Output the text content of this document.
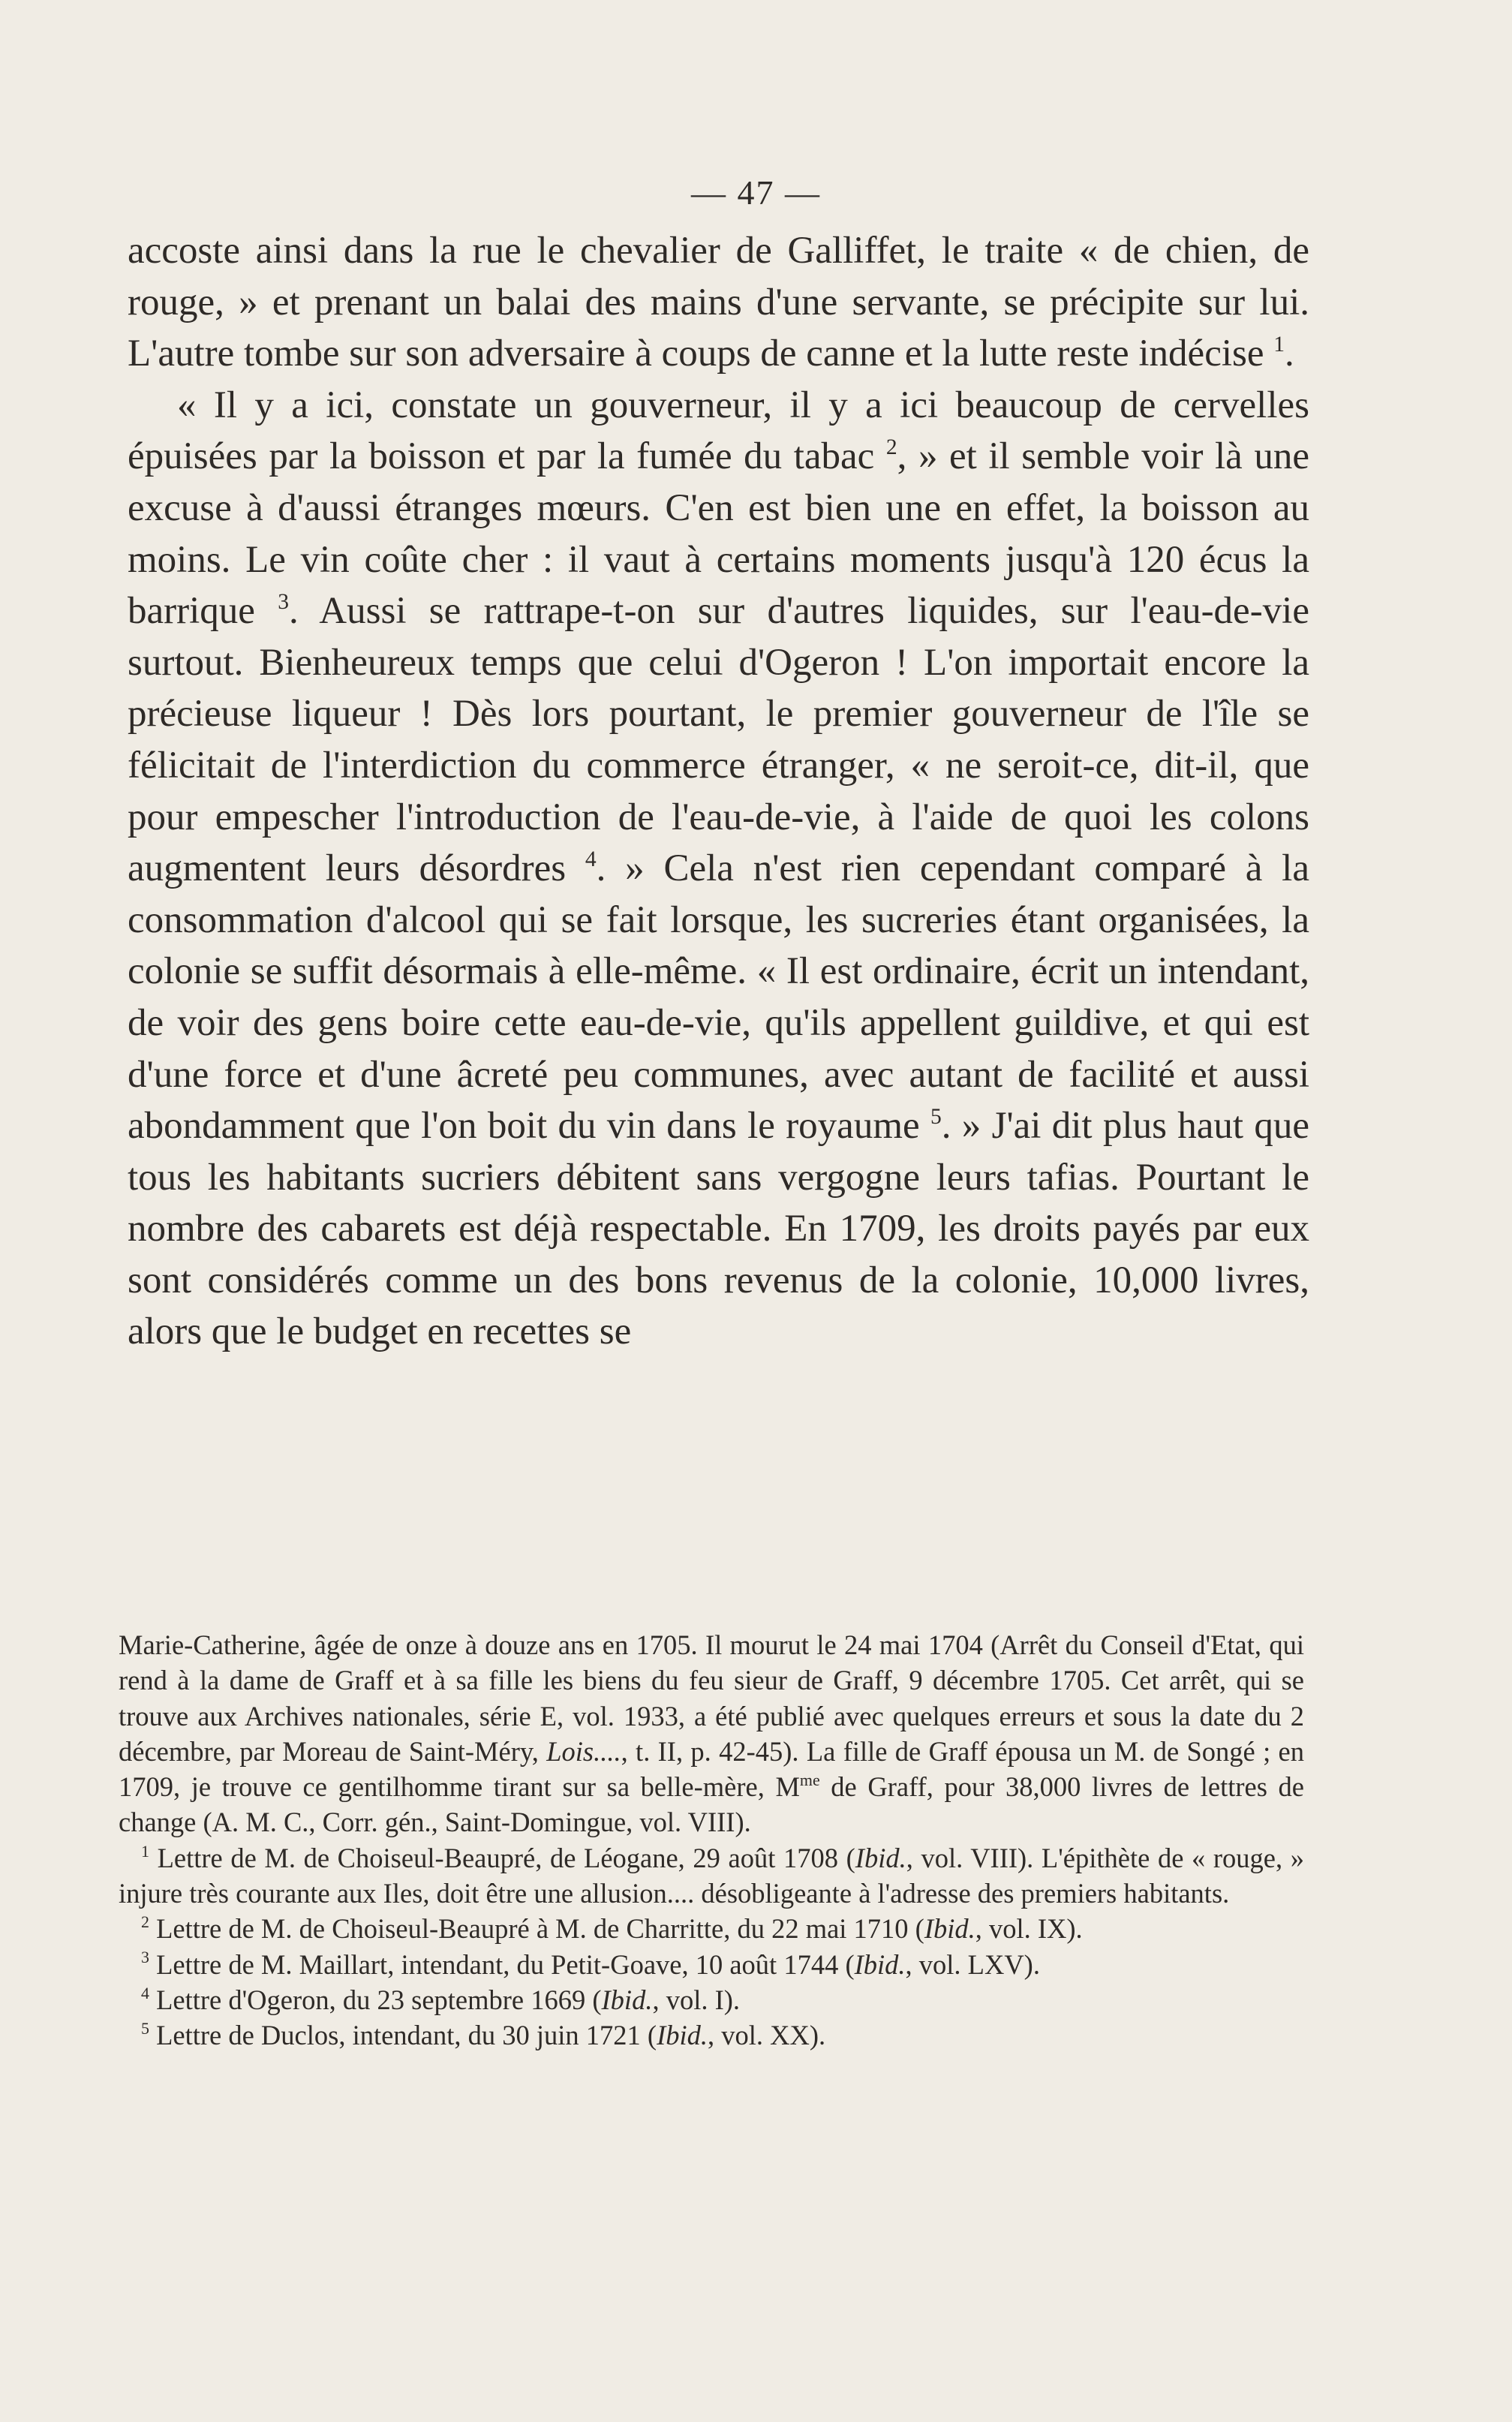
— 47 —

accoste ainsi dans la rue le chevalier de Galliffet, le traite « de chien, de rouge, » et prenant un balai des mains d'une servante, se précipite sur lui. L'autre tombe sur son adversaire à coups de canne et la lutte reste indécise $^1$.

« Il y a ici, constate un gouverneur, il y a ici beaucoup de cervelles épuisées par la boisson et par la fumée du tabac $^2$, » et il semble voir là une excuse à d'aussi étranges mœurs. C'en est bien une en effet, la boisson au moins. Le vin coûte cher : il vaut à certains moments jusqu'à 120 écus la barrique $^3$. Aussi se rattrape-t-on sur d'autres liquides, sur l'eau-de-vie surtout. Bienheureux temps que celui d'Ogeron ! L'on importait encore la précieuse liqueur ! Dès lors pourtant, le premier gouverneur de l'île se félicitait de l'interdiction du commerce étranger, « ne seroit-ce, dit-il, que pour empescher l'introduction de l'eau-de-vie, à l'aide de quoi les colons augmentent leurs désordres $^4$. » Cela n'est rien cependant comparé à la consommation d'alcool qui se fait lorsque, les sucreries étant organisées, la colonie se suffit désormais à elle-même. « Il est ordinaire, écrit un intendant, de voir des gens boire cette eau-de-vie, qu'ils appellent guildive, et qui est d'une force et d'une âcreté peu communes, avec autant de facilité et aussi abondamment que l'on boit du vin dans le royaume $^5$. » J'ai dit plus haut que tous les habitants sucriers débitent sans vergogne leurs tafias. Pourtant le nombre des cabarets est déjà respectable. En 1709, les droits payés par eux sont considérés comme un des bons revenus de la colonie, 10,000 livres, alors que le budget en recettes se

Marie-Catherine, âgée de onze à douze ans en 1705. Il mourut le 24 mai 1704 (Arrêt du Conseil d'Etat, qui rend à la dame de Graff et à sa fille les biens du feu sieur de Graff, 9 décembre 1705. Cet arrêt, qui se trouve aux Archives nationales, série E, vol. 1933, a été publié avec quelques erreurs et sous la date du 2 décembre, par Moreau de Saint-Méry, Lois...., t. II, p. 42-45). La fille de Graff épousa un M. de Songé ; en 1709, je trouve ce gentilhomme tirant sur sa belle-mère, $M^{me}$ de Graff, pour 38,000 livres de lettres de change (A. M. C., Corr. gén., Saint-Domingue, vol. VIII).

$^1$ Lettre de M. de Choiseul-Beaupré, de Léogane, 29 août 1708 (Ibid., vol. VIII). L'épithète de « rouge, » injure très courante aux Iles, doit être une allusion.... désobligeante à l'adresse des premiers habitants.

$^2$ Lettre de M. de Choiseul-Beaupré à M. de Charritte, du 22 mai 1710 (Ibid., vol. IX).

$^3$ Lettre de M. Maillart, intendant, du Petit-Goave, 10 août 1744 (Ibid., vol. LXV).

$^4$ Lettre d'Ogeron, du 23 septembre 1669 (Ibid., vol. I).

$^5$ Lettre de Duclos, intendant, du 30 juin 1721 (Ibid., vol. XX).
